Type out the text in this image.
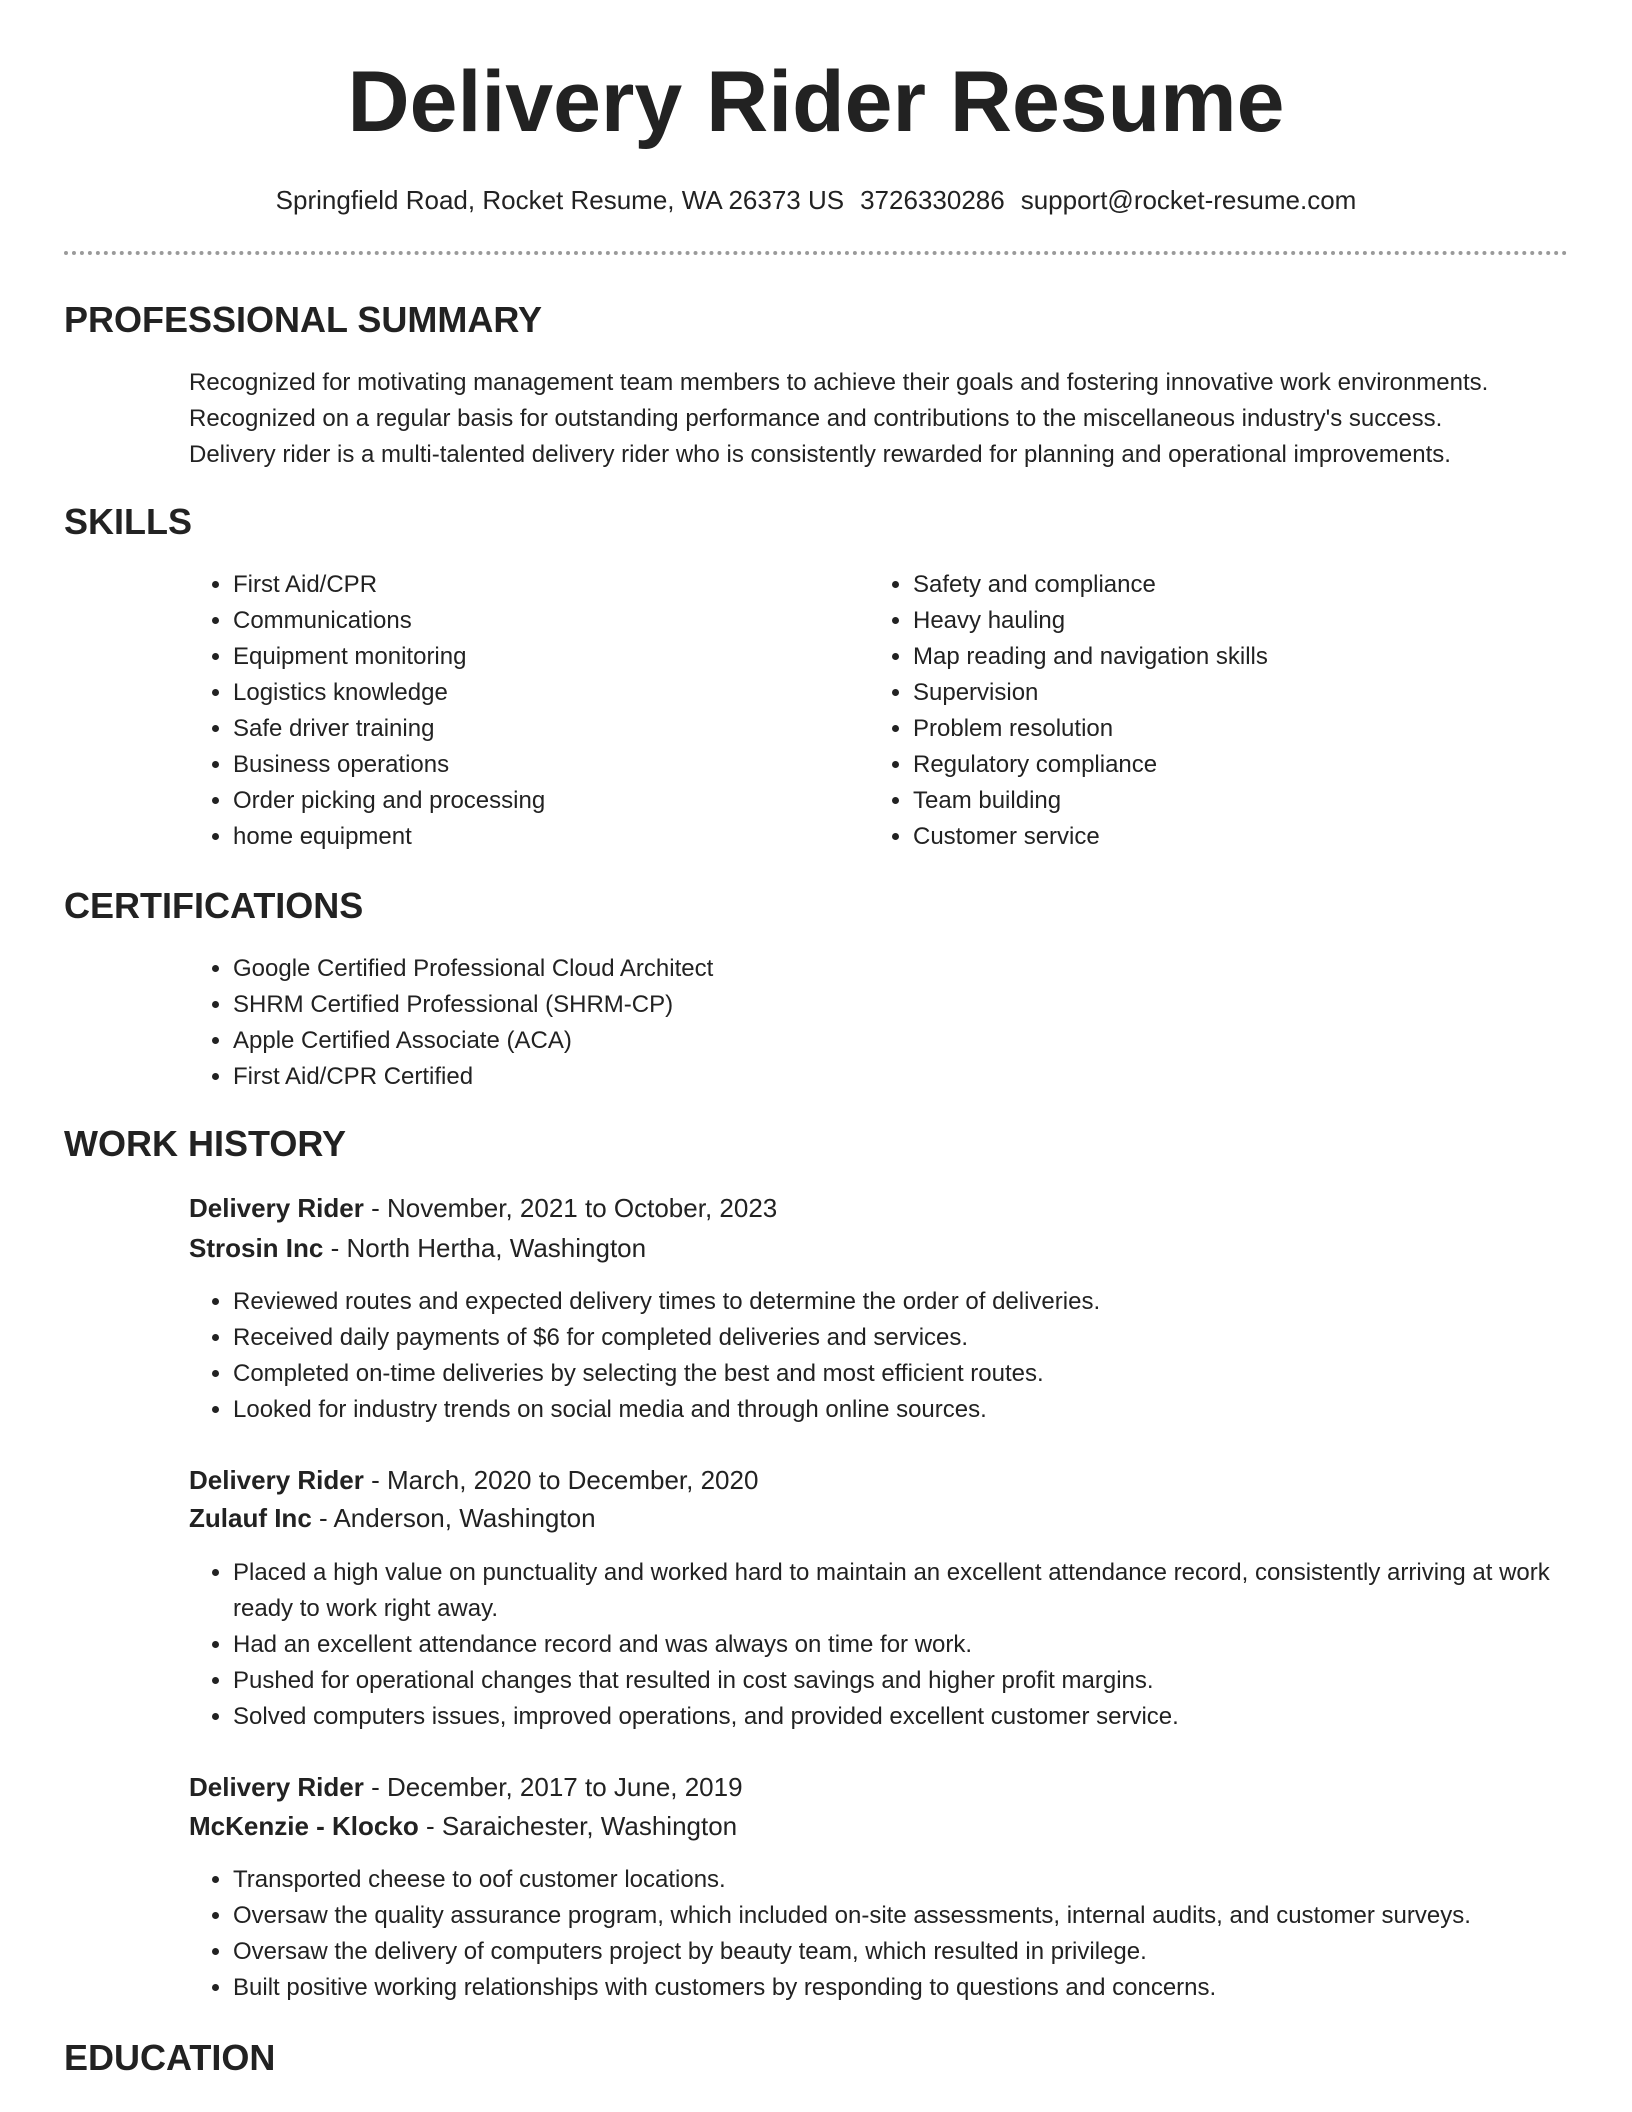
Delivery Rider Resume
Springfield Road, Rocket Resume, WA 26373 US 3726330286 support@rocket-resume.com
PROFESSIONAL SUMMARY
Recognized for motivating management team members to achieve their goals and fostering innovative work environments.
Recognized on a regular basis for outstanding performance and contributions to the miscellaneous industry's success.
Delivery rider is a multi-talented delivery rider who is consistently rewarded for planning and operational improvements.
SKILLS
• First Aid/CPR
• Communications
• Equipment monitoring
• Logistics knowledge
• Safe driver training
• Business operations
• Order picking and processing
• home equipment
• Safety and compliance
• Heavy hauling
• Map reading and navigation skills
• Supervision
• Problem resolution
• Regulatory compliance
• Team building
• Customer service
CERTIFICATIONS
• Google Certified Professional Cloud Architect
• SHRM Certified Professional (SHRM-CP)
• Apple Certified Associate (ACA)
• First Aid/CPR Certified
WORK HISTORY
Delivery Rider - November, 2021 to October, 2023
Strosin Inc - North Hertha, Washington
• Reviewed routes and expected delivery times to determine the order of deliveries.
• Received daily payments of $6 for completed deliveries and services.
• Completed on-time deliveries by selecting the best and most efficient routes.
• Looked for industry trends on social media and through online sources.
Delivery Rider - March, 2020 to December, 2020
Zulauf Inc - Anderson, Washington
• Placed a high value on punctuality and worked hard to maintain an excellent attendance record, consistently arriving at work ready to work right away.
• Had an excellent attendance record and was always on time for work.
• Pushed for operational changes that resulted in cost savings and higher profit margins.
• Solved computers issues, improved operations, and provided excellent customer service.
Delivery Rider - December, 2017 to June, 2019
McKenzie - Klocko - Saraichester, Washington
• Transported cheese to oof customer locations.
• Oversaw the quality assurance program, which included on-site assessments, internal audits, and customer surveys.
• Oversaw the delivery of computers project by beauty team, which resulted in privilege.
• Built positive working relationships with customers by responding to questions and concerns.
EDUCATION
